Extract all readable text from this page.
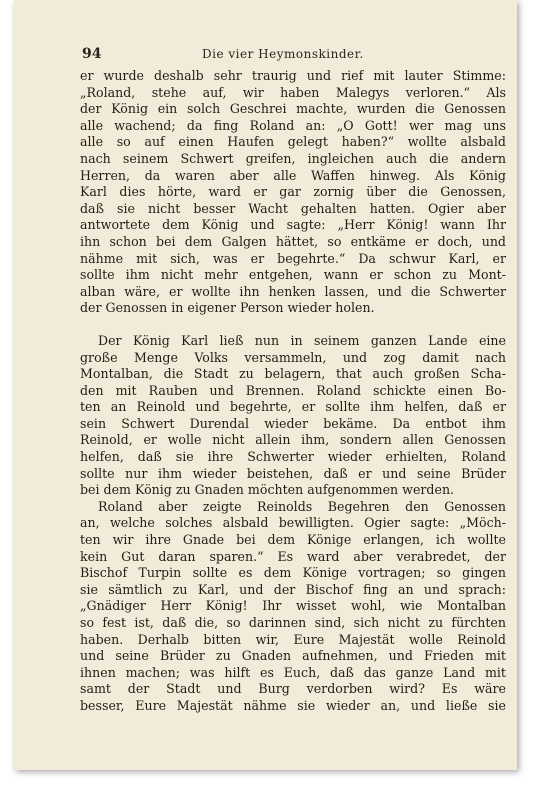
94	Die vier Heymonskinder.

er wurde deshalb sehr traurig und rief mit lauter Stimme:
„Roland, stehe auf, wir haben Malegys verloren.“ Als
der König ein solch Geschrei machte, wurden die Genossen
alle wachend; da fing Roland an: „O Gott! wer mag uns
alle so auf einen Haufen gelegt haben?“ wollte alsbald
nach seinem Schwert greifen, ingleichen auch die andern
Herren, da waren aber alle Waffen hinweg. Als König
Karl dies hörte, ward er gar zornig über die Genossen,
daß sie nicht besser Wacht gehalten hatten. Ogier aber
antwortete dem König und sagte: „Herr König! wann Ihr
ihn schon bei dem Galgen hättet, so entkäme er doch, und
nähme mit sich, was er begehrte.“ Da schwur Karl, er
sollte ihm nicht mehr entgehen, wann er schon zu Mont-
alban wäre, er wollte ihn henken lassen, und die Schwerter
der Genossen in eigener Person wieder holen.

Der König Karl ließ nun in seinem ganzen Lande eine
große Menge Volks versammeln, und zog damit nach
Montalban, die Stadt zu belagern, that auch großen Scha-
den mit Rauben und Brennen. Roland schickte einen Bo-
ten an Reinold und begehrte, er sollte ihm helfen, daß er
sein Schwert Durendal wieder bekäme. Da entbot ihm
Reinold, er wolle nicht allein ihm, sondern allen Genossen
helfen, daß sie ihre Schwerter wieder erhielten, Roland
sollte nur ihm wieder beistehen, daß er und seine Brüder
bei dem König zu Gnaden möchten aufgenommen werden.

Roland aber zeigte Reinolds Begehren den Genossen
an, welche solches alsbald bewilligten. Ogier sagte: „Möch-
ten wir ihre Gnade bei dem Könige erlangen, ich wollte
kein Gut daran sparen.“ Es ward aber verabredet, der
Bischof Turpin sollte es dem Könige vortragen; so gingen
sie sämtlich zu Karl, und der Bischof fing an und sprach:
„Gnädiger Herr König! Ihr wisset wohl, wie Montalban
so fest ist, daß die, so darinnen sind, sich nicht zu fürchten
haben. Derhalb bitten wir, Eure Majestät wolle Reinold
und seine Brüder zu Gnaden aufnehmen, und Frieden mit
ihnen machen; was hilft es Euch, daß das ganze Land mit
samt der Stadt und Burg verdorben wird? Es wäre
besser, Eure Majestät nähme sie wieder an, und ließe sie
